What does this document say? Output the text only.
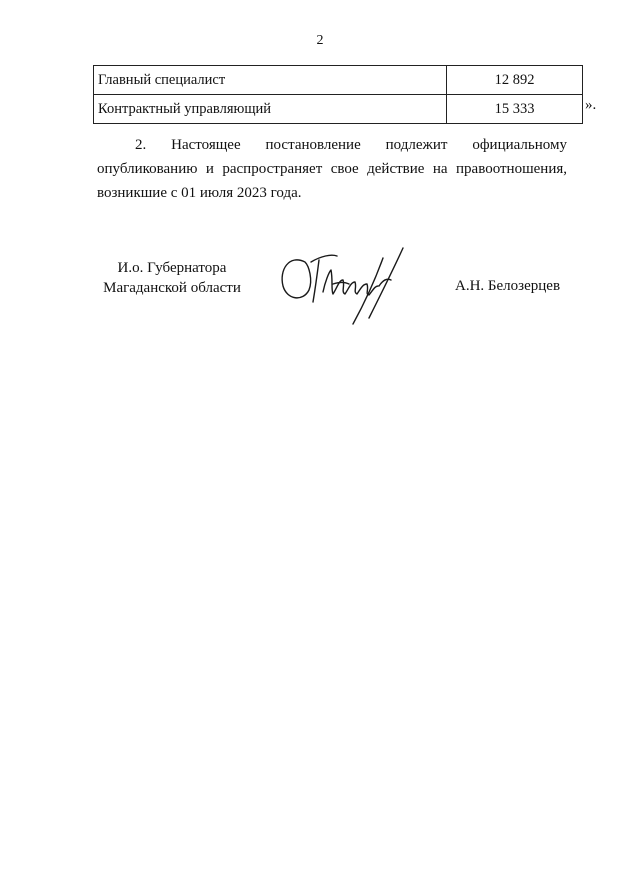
2
Главный специалист	12 892
Контрактный управляющий	15 333	».
2. Настоящее постановление подлежит официальному опубликованию и распространяет свое действие на правоотношения, возникшие с 01 июля 2023 года.
И.о. Губернатора
Магаданской области	А.Н. Белозерцев
